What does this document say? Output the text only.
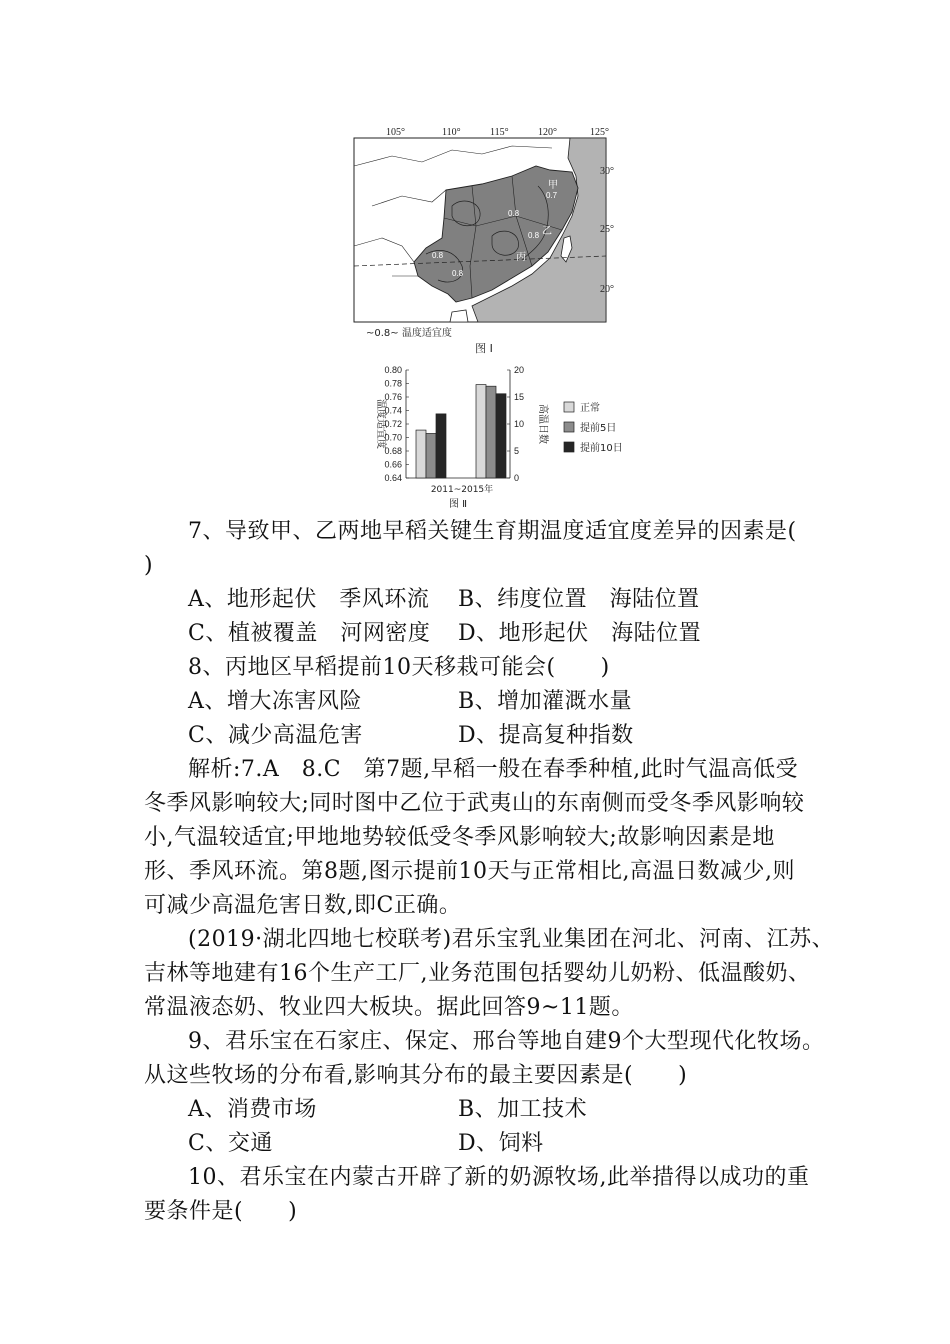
105°	110°	115°	120°	125°
30°
25°
20°
甲
乙
丙
0.7
0.8
0.8
0.8
0.8
~0.8~ 温度适宜度
图 I
0.80
0.78
0.76
0.74
0.72
0.70
0.68
0.66
0.64
20
15
10
5
0
温度适宜度	高温日数
2011~2015年
图 Ⅱ
正常
提前5日
提前10日
7、导致甲、乙两地早稻关键生育期温度适宜度差异的因素是(
)
A、地形起伏　季风环流 B、纬度位置　海陆位置
C、植被覆盖　河网密度 D、地形起伏　海陆位置
8、丙地区早稻提前10天移栽可能会(　　)
A、增大冻害风险	B、增加灌溉水量
C、减少高温危害	D、提高复种指数
解析:7.A　8.C　第7题,早稻一般在春季种植,此时气温高低受
冬季风影响较大;同时图中乙位于武夷山的东南侧而受冬季风影响较
小,气温较适宜;甲地地势较低受冬季风影响较大;故影响因素是地
形、季风环流。第8题,图示提前10天与正常相比,高温日数减少,则
可减少高温危害日数,即C正确。
(2019·湖北四地七校联考)君乐宝乳业集团在河北、河南、江苏、
吉林等地建有16个生产工厂,业务范围包括婴幼儿奶粉、低温酸奶、
常温液态奶、牧业四大板块。据此回答9~11题。
9、君乐宝在石家庄、保定、邢台等地自建9个大型现代化牧场。
从这些牧场的分布看,影响其分布的最主要因素是(　　)
A、消费市场	B、加工技术
C、交通	D、饲料
10、君乐宝在内蒙古开辟了新的奶源牧场,此举措得以成功的重
要条件是(　　)
